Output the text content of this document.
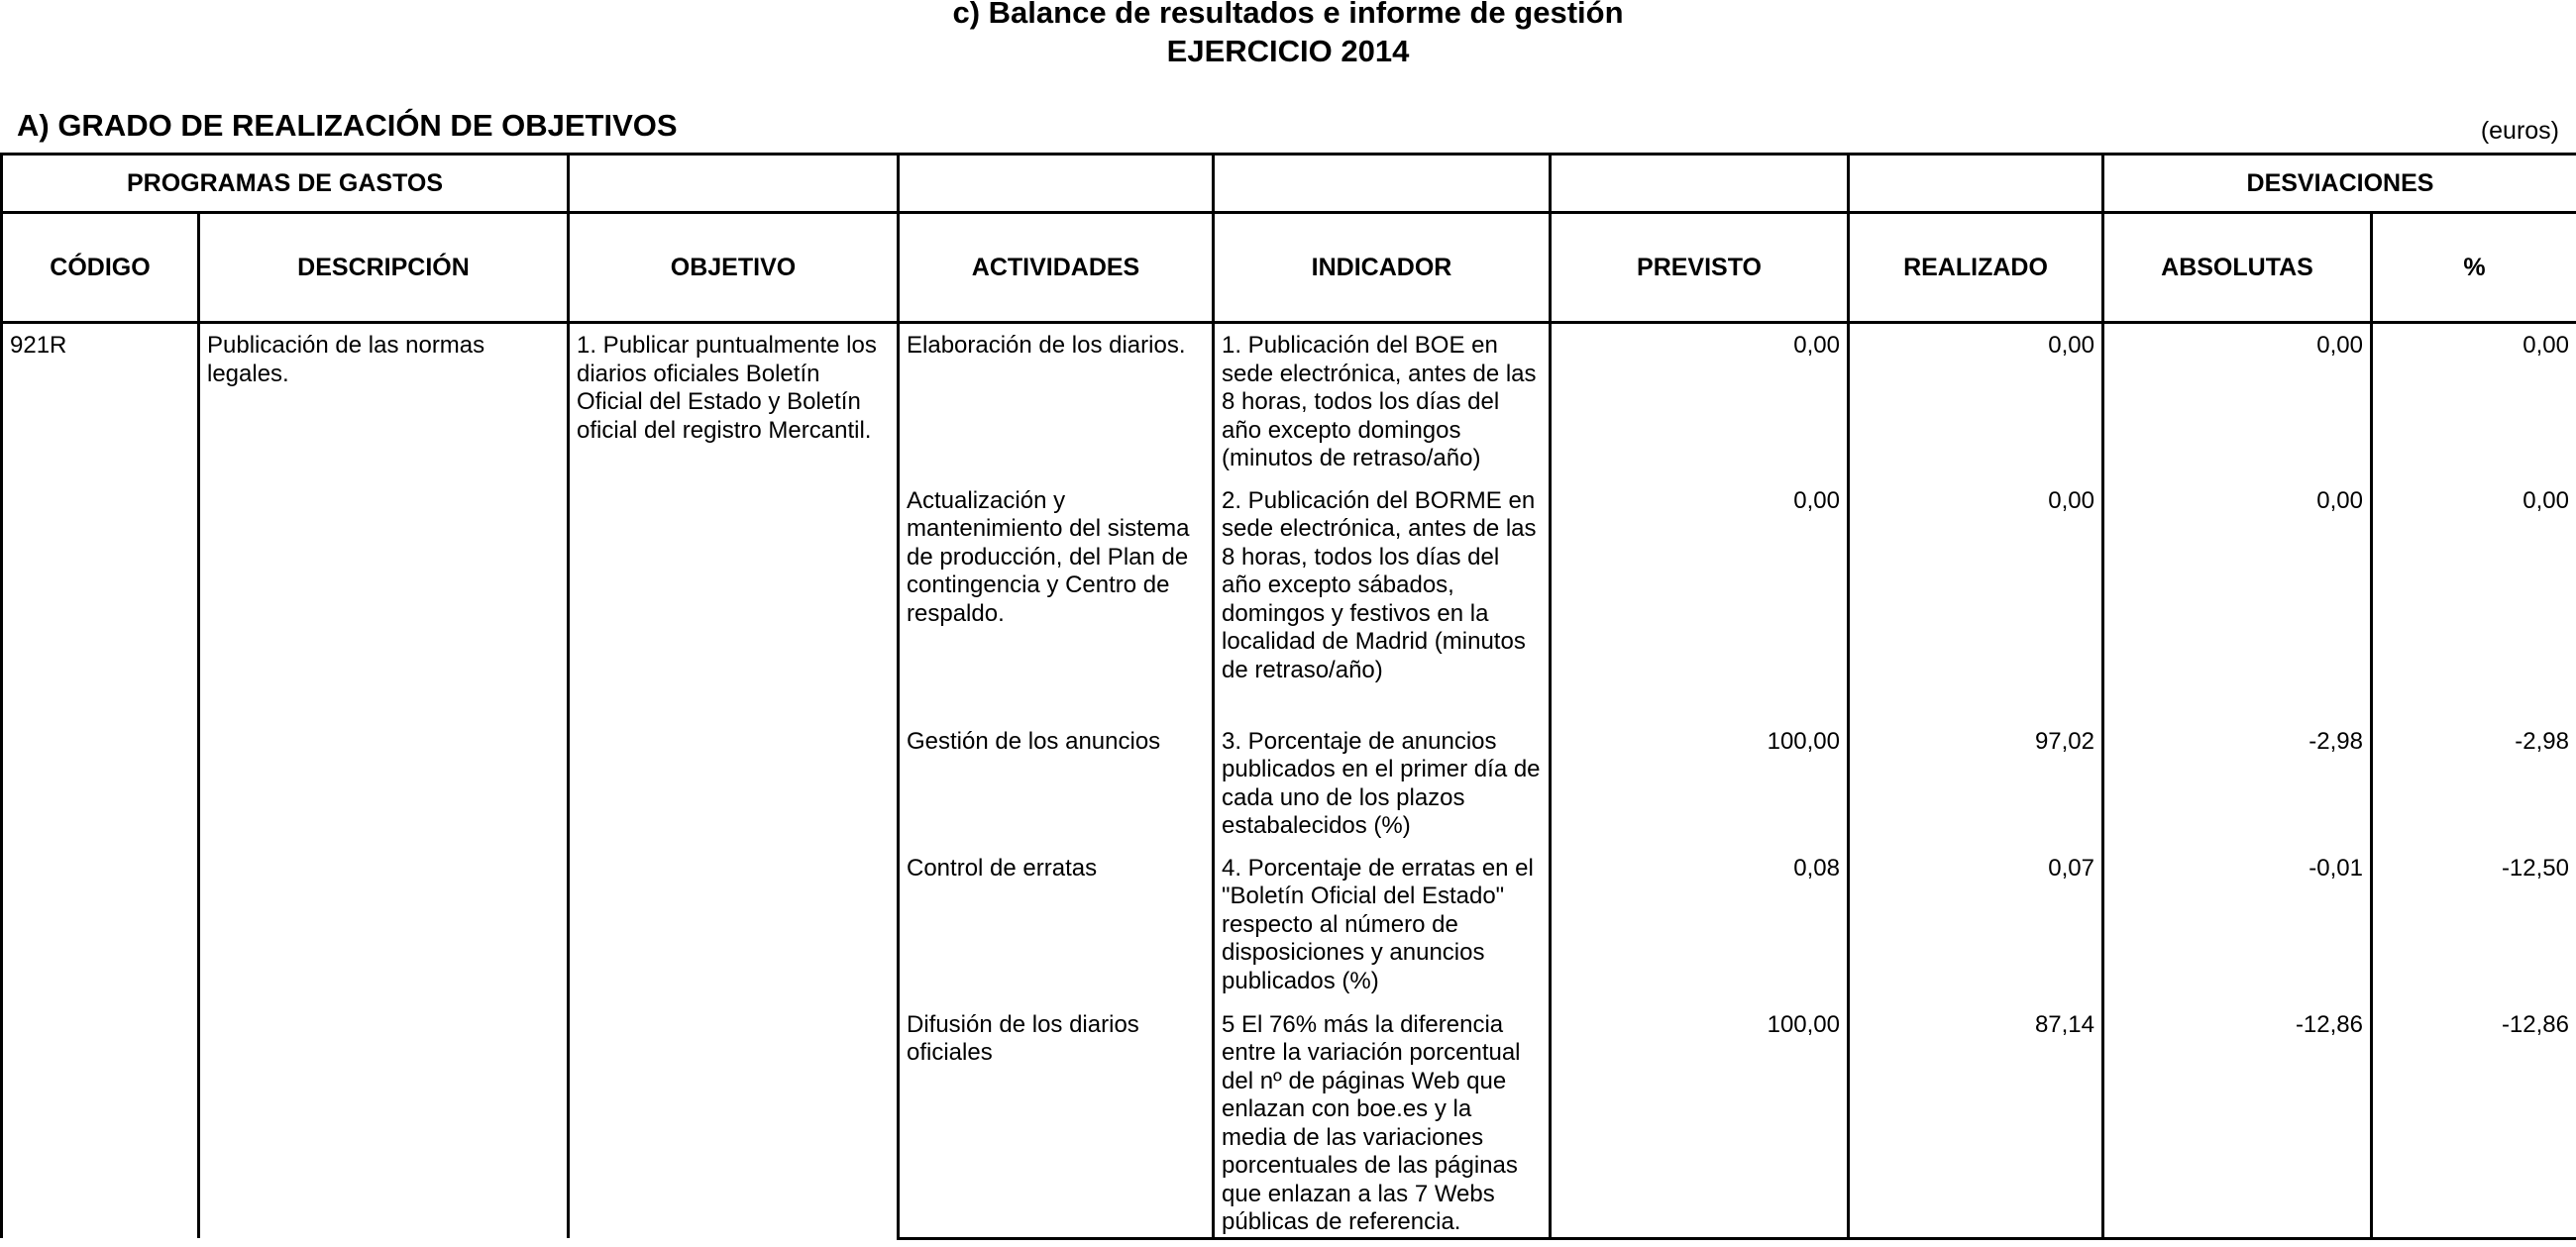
c) Balance de resultados e informe de gestión
EJERCICIO 2014
A) GRADO DE REALIZACIÓN DE OBJETIVOS	(euros)
PROGRAMAS DE GASTOS							DESVIACIONES	
CÓDIGO	DESCRIPCIÓN	OBJETIVO	ACTIVIDADES	INDICADOR	PREVISTO	REALIZADO	ABSOLUTAS	%
921R	Publicación de las normas legales.	1. Publicar puntualmente los diarios oficiales Boletín Oficial del Estado y Boletín oficial del registro Mercantil.	Elaboración de los diarios.	1. Publicación del BOE en sede electrónica, antes de las 8 horas, todos los días del año excepto domingos (minutos de retraso/año)	0,00	0,00	0,00	0,00
			Actualización y mantenimiento del sistema de producción, del Plan de contingencia y Centro de respaldo.	2. Publicación del BORME en sede electrónica, antes de las 8 horas, todos los días del año excepto sábados, domingos y festivos en la localidad de Madrid (minutos de retraso/año)	0,00	0,00	0,00	0,00
			Gestión de los anuncios	3. Porcentaje de anuncios publicados en el primer día de cada uno de los plazos estabalecidos (%)	100,00	97,02	-2,98	-2,98
			Control de erratas	4. Porcentaje de erratas en el "Boletín Oficial del Estado" respecto al número de disposiciones y anuncios publicados (%)	0,08	0,07	-0,01	-12,50
			Difusión de los diarios oficiales	5 El 76% más la diferencia entre la variación porcentual del nº de páginas Web que enlazan con boe.es y la media de las variaciones porcentuales de las páginas que enlazan a las 7 Webs públicas de referencia.	100,00	87,14	-12,86	-12,86
